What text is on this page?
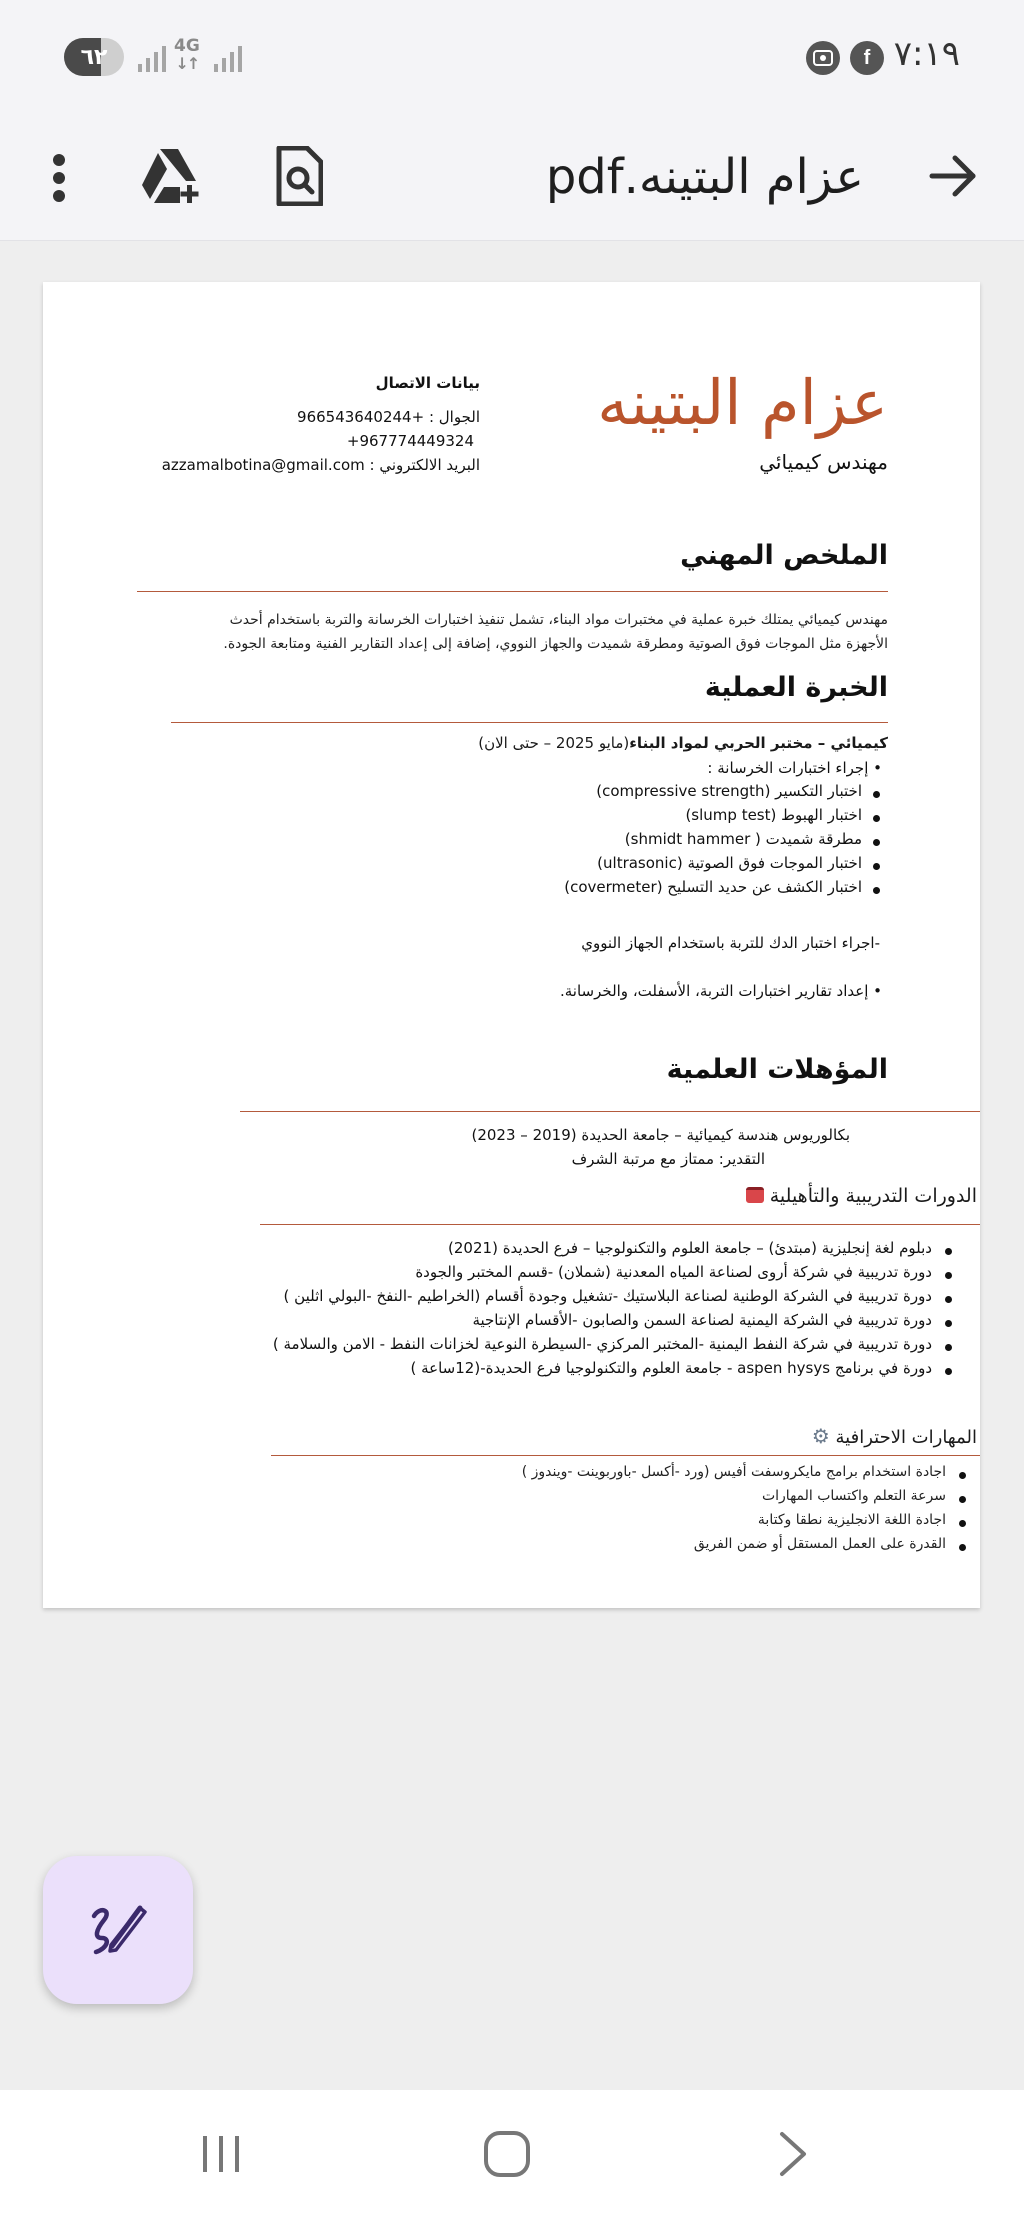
٦٢	4G
↓↑	f ٧:١٩
عزام البتينه.pdf
عزام البتينه
مهندس كيميائي
بيانات الاتصال
الجوال : +966543640244
+967774449324
البريد الالكتروني : azzamalbotina@gmail.com
الملخص المهني
مهندس كيميائي يمتلك خبرة عملية في مختبرات مواد البناء، تشمل تنفيذ اختبارات الخرسانة والتربة باستخدام أحدث
الأجهزة مثل الموجات فوق الصوتية ومطرقة شميدت والجهاز النووي، إضافة إلى إعداد التقارير الفنية ومتابعة الجودة.
الخبرة العملية
كيميائي – مختبر الحربي لمواد البناء(مايو 2025 – حتى الان)
• إجراء اختبارات الخرسانة :
اختبار التكسير (compressive strength)
اختبار الهبوط (slump test)
مطرقة شميدت ( shmidt hammer)
اختبار الموجات فوق الصوتية (ultrasonic)
اختبار الكشف عن حديد التسليح (covermeter)
-اجراء اختبار الدك للتربة باستخدام الجهاز النووي
• إعداد تقارير اختبارات التربة، الأسفلت، والخرسانة.
المؤهلات العلمية
بكالوريوس هندسة كيميائية – جامعة الحديدة (2019 – 2023)
التقدير: ممتاز مع مرتبة الشرف
الدورات التدريبية والتأهيلية
دبلوم لغة إنجليزية (مبتدئ) – جامعة العلوم والتكنولوجيا – فرع الحديدة (2021)
دورة تدريبية في شركة أروى لصناعة المياه المعدنية (شملان) -قسم المختبر والجودة
دورة تدريبية في الشركة الوطنية لصناعة البلاستيك -تشغيل وجودة أقسام (الخراطيم -النفخ -البولي اثلين )
دورة تدريبية في الشركة اليمنية لصناعة السمن والصابون -الأقسام الإنتاجية
دورة تدريبية في شركة النفط اليمنية -المختبر المركزي -السيطرة النوعية لخزانات النفط - الامن والسلامة )
دورة في برنامج aspen hysys - جامعة العلوم والتكنولوجيا فرع الحديدة-(12ساعة )
المهارات الاحترافية ⚙
اجادة استخدام برامج مايكروسفت أفيس (ورد -أكسل -باوربوينت -ويندوز )
سرعة التعلم واكتساب المهارات
اجادة اللغة الانجليزية نطقا وكتابة
القدرة على العمل المستقل أو ضمن الفريق
